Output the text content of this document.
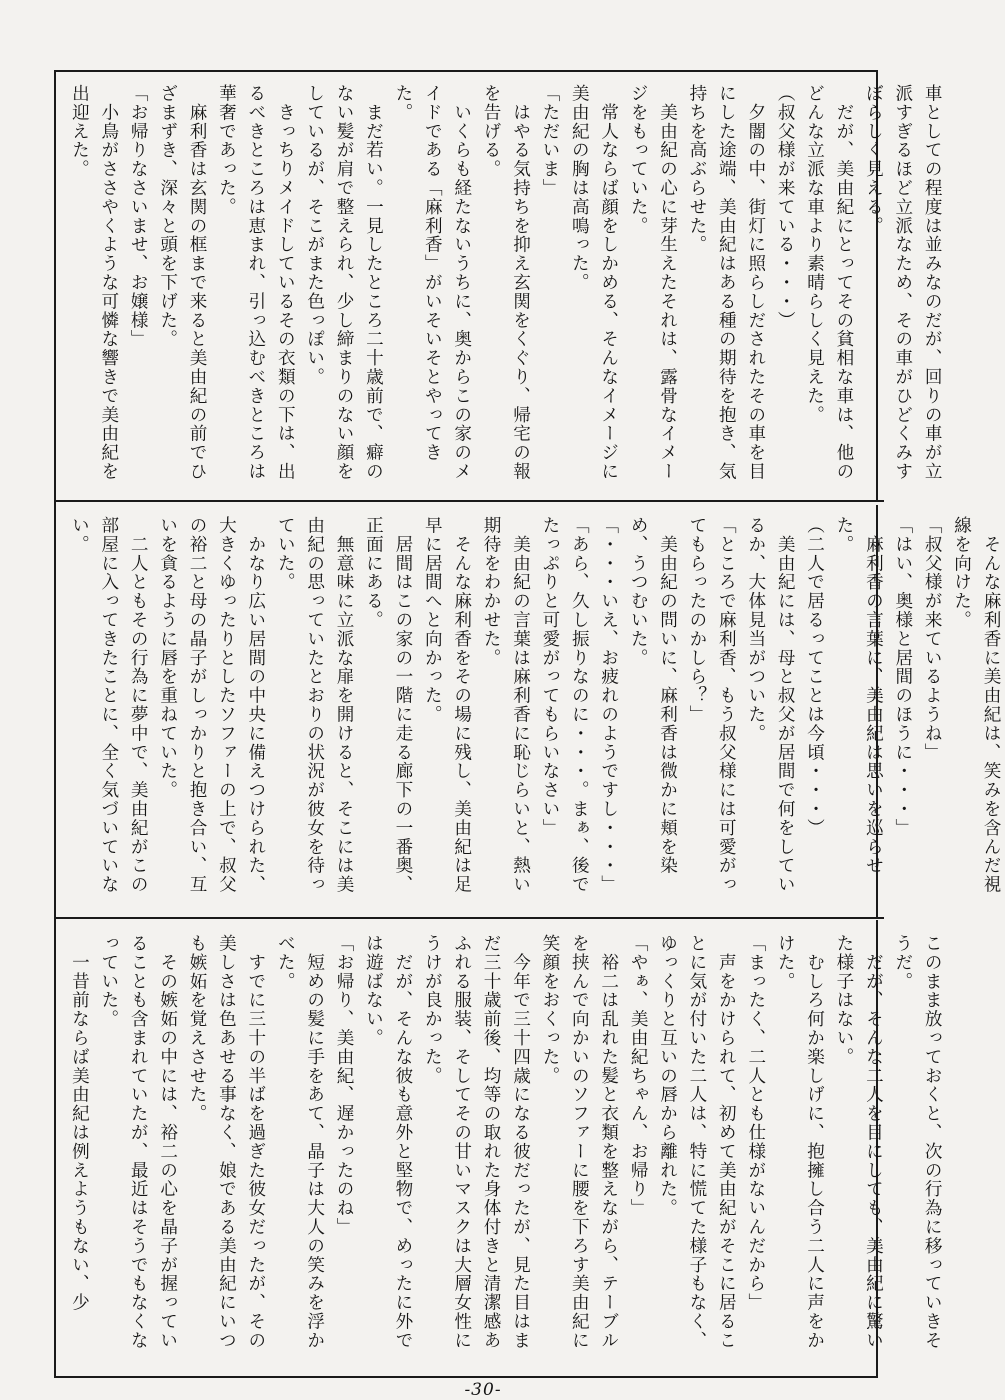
車としての程度は並みなのだが、回りの車が立派すぎるほど立派なため、その車がひどくみすぼらしく見える。

　だが、美由紀にとってその貧相な車は、他のどんな立派な車より素晴らしく見えた。

（叔父様が来ている・・・）

　夕闇の中、街灯に照らしだされたその車を目にした途端、美由紀はある種の期待を抱き、気持ちを高ぶらせた。

　美由紀の心に芽生えたそれは、露骨なイメージをもっていた。

　常人ならば顔をしかめる、そんなイメージに美由紀の胸は高鳴った。

「ただいま」

　はやる気持ちを抑え玄関をくぐり、帰宅の報を告げる。

　いくらも経たないうちに、奥からこの家のメイドである「麻利香」がいそいそとやってきた。

　まだ若い。一見したところ二十歳前で、癖のない髪が肩で整えられ、少し締まりのない顔をしているが、そこがまた色っぽい。

　きっちりメイドしているその衣類の下は、出るべきところは恵まれ、引っ込むべきところは華奢であった。

　麻利香は玄関の框まで来ると美由紀の前でひざまずき、深々と頭を下げた。

「お帰りなさいませ、お嬢様」

　小鳥がささやくような可憐な響きで美由紀を出迎えた。

　そんな麻利香に美由紀は、笑みを含んだ視線を向けた。

「叔父様が来ているようね」

「はい、奥様と居間のほうに・・・」

　麻利香の言葉に、美由紀は思いを巡らせた。

（二人で居るってことは今頃・・・）

　美由紀には、母と叔父が居間で何をしているか、大体見当がついた。

「ところで麻利香、もう叔父様には可愛がってもらったのかしら？」

　美由紀の問いに、麻利香は微かに頬を染め、うつむいた。

「・・・いえ、お疲れのようですし・・・」

「あら、久し振りなのに・・・。まぁ、後でたっぷりと可愛がってもらいなさい」

　美由紀の言葉は麻利香に恥じらいと、熱い期待をわかせた。

　そんな麻利香をその場に残し、美由紀は足早に居間へと向かった。

　居間はこの家の一階に走る廊下の一番奥、正面にある。

　無意味に立派な扉を開けると、そこには美由紀の思っていたとおりの状況が彼女を待っていた。

　かなり広い居間の中央に備えつけられた、大きくゆったりとしたソファーの上で、叔父の裕二と母の晶子がしっかりと抱き合い、互いを貪るように唇を重ねていた。

　二人ともその行為に夢中で、美由紀がこの部屋に入ってきたことに、全く気づいていない。

このまま放っておくと、次の行為に移っていきそうだ。

　だが、そんな二人を目にしても、美由紀に驚いた様子はない。

　むしろ何か楽しげに、抱擁し合う二人に声をかけた。

「まったく、二人とも仕様がないんだから」

　声をかけられて、初めて美由紀がそこに居ることに気が付いた二人は、特に慌てた様子もなく、ゆっくりと互いの唇から離れた。

「やぁ、美由紀ちゃん、お帰り」

　裕二は乱れた髪と衣類を整えながら、テーブルを挟んで向かいのソファーに腰を下ろす美由紀に笑顔をおくった。

　今年で三十四歳になる彼だったが、見た目はまだ三十歳前後、均等の取れた身体付きと清潔感あふれる服装、そしてその甘いマスクは大層女性にうけが良かった。

　だが、そんな彼も意外と堅物で、めったに外では遊ばない。

「お帰り、美由紀、遅かったのね」

　短めの髪に手をあて、晶子は大人の笑みを浮かべた。

　すでに三十の半ばを過ぎた彼女だったが、その美しさは色あせる事なく、娘である美由紀にいつも嫉妬を覚えさせた。

　その嫉妬の中には、裕二の心を晶子が握っていることも含まれていたが、最近はそうでもなくなっていた。

　一昔前ならば美由紀は例えようもない、少

-30-
